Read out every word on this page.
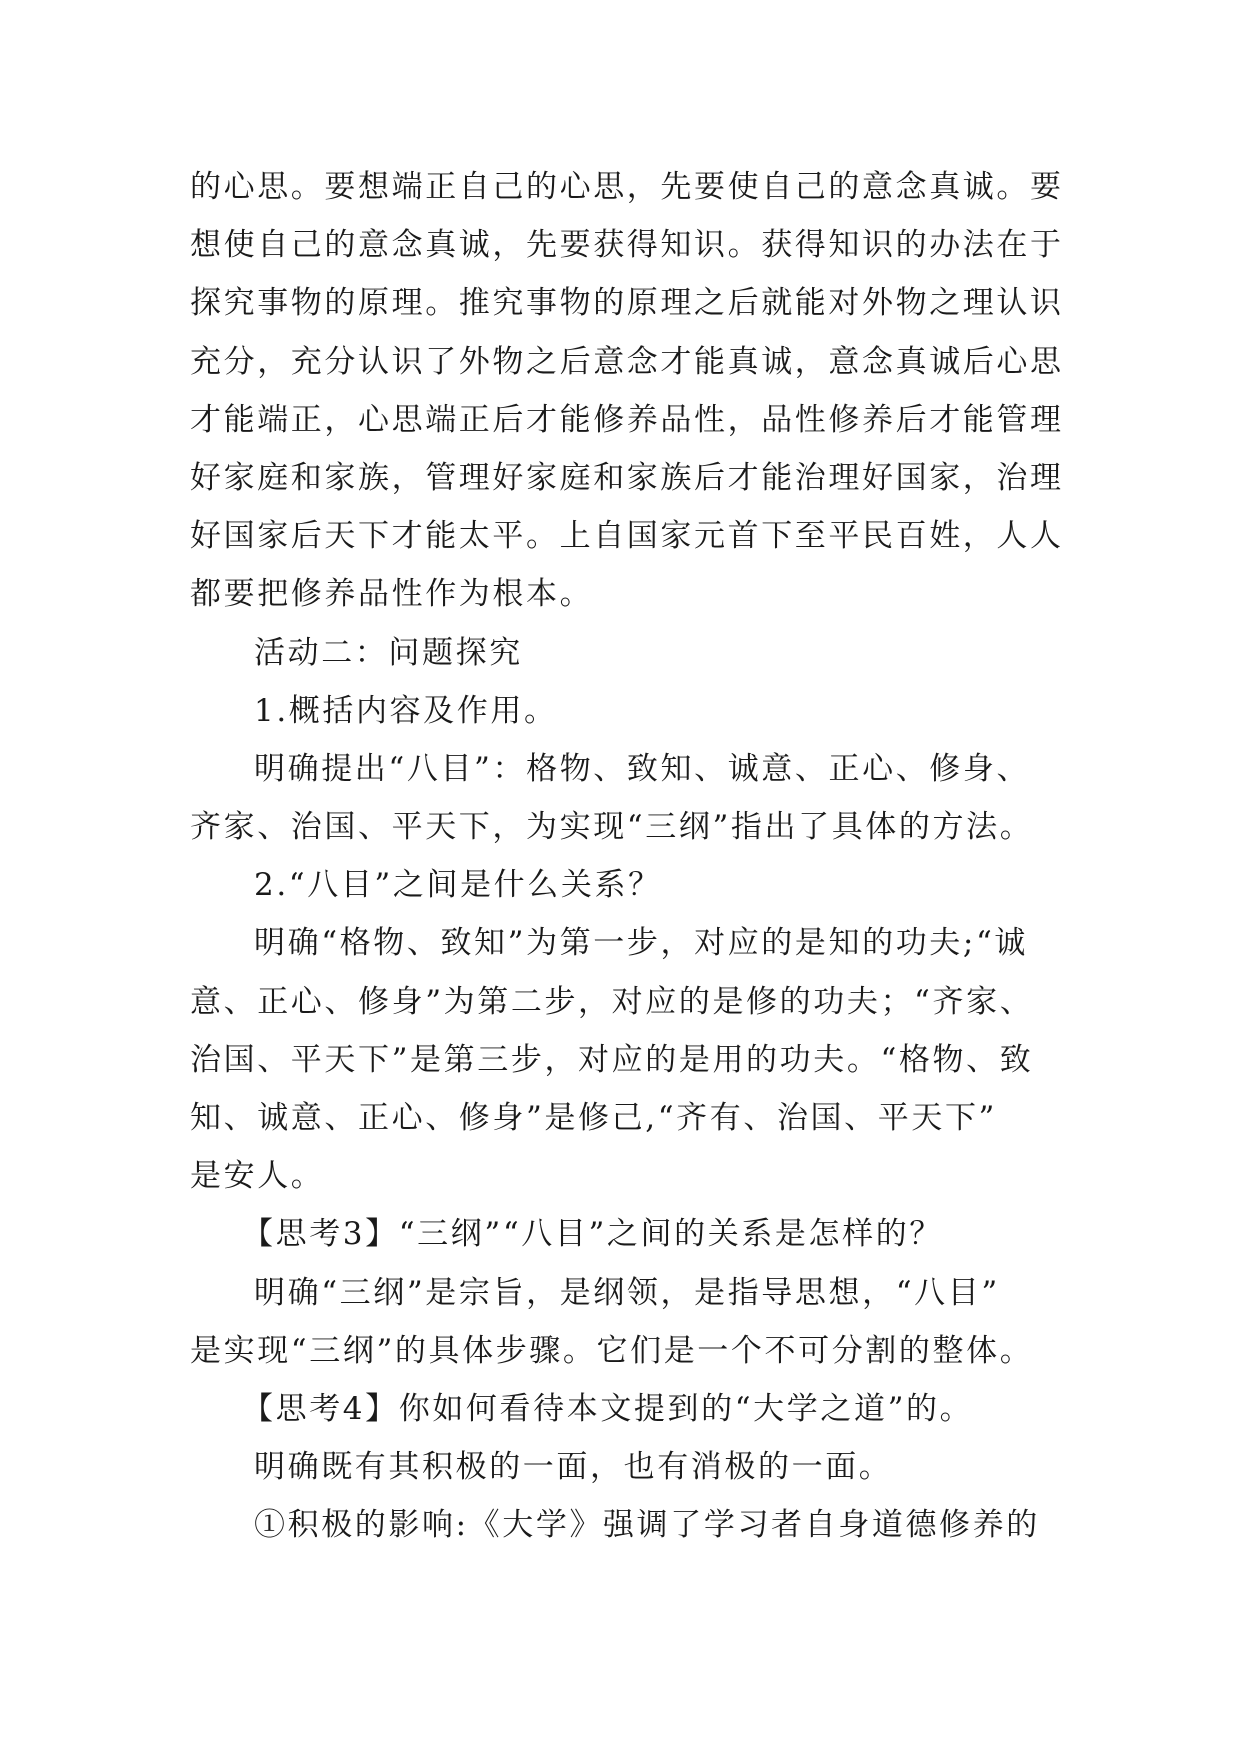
的心思。要想端正自己的心思，先要使自己的意念真诚。要
想使自己的意念真诚，先要获得知识。获得知识的办法在于
探究事物的原理。推究事物的原理之后就能对外物之理认识
充分，充分认识了外物之后意念才能真诚，意念真诚后心思
才能端正，心思端正后才能修养品性，品性修养后才能管理
好家庭和家族，管理好家庭和家族后才能治理好国家，治理
好国家后天下才能太平。上自国家元首下至平民百姓，人人
都要把修养品性作为根本。
活动二：问题探究
1.概括内容及作用。
明确提出“八目”：格物、致知、诚意、正心、修身、
齐家、治国、平天下，为实现“三纲”指出了具体的方法。
2.“八目”之间是什么关系？
明确“格物、致知”为第一步，对应的是知的功夫;“诚
意、正心、修身”为第二步，对应的是修的功夫；“齐家、
治国、平天下”是第三步，对应的是用的功夫。“格物、致
知、诚意、正心、修身”是修己,“齐有、治国、平天下”
是安人。
【思考3】“三纲”“八目”之间的关系是怎样的？
明确“三纲”是宗旨，是纲领，是指导思想，“八目”
是实现“三纲”的具体步骤。它们是一个不可分割的整体。
【思考4】你如何看待本文提到的“大学之道”的。
明确既有其积极的一面，也有消极的一面。
①积极的影响:《大学》强调了学习者自身道德修养的
